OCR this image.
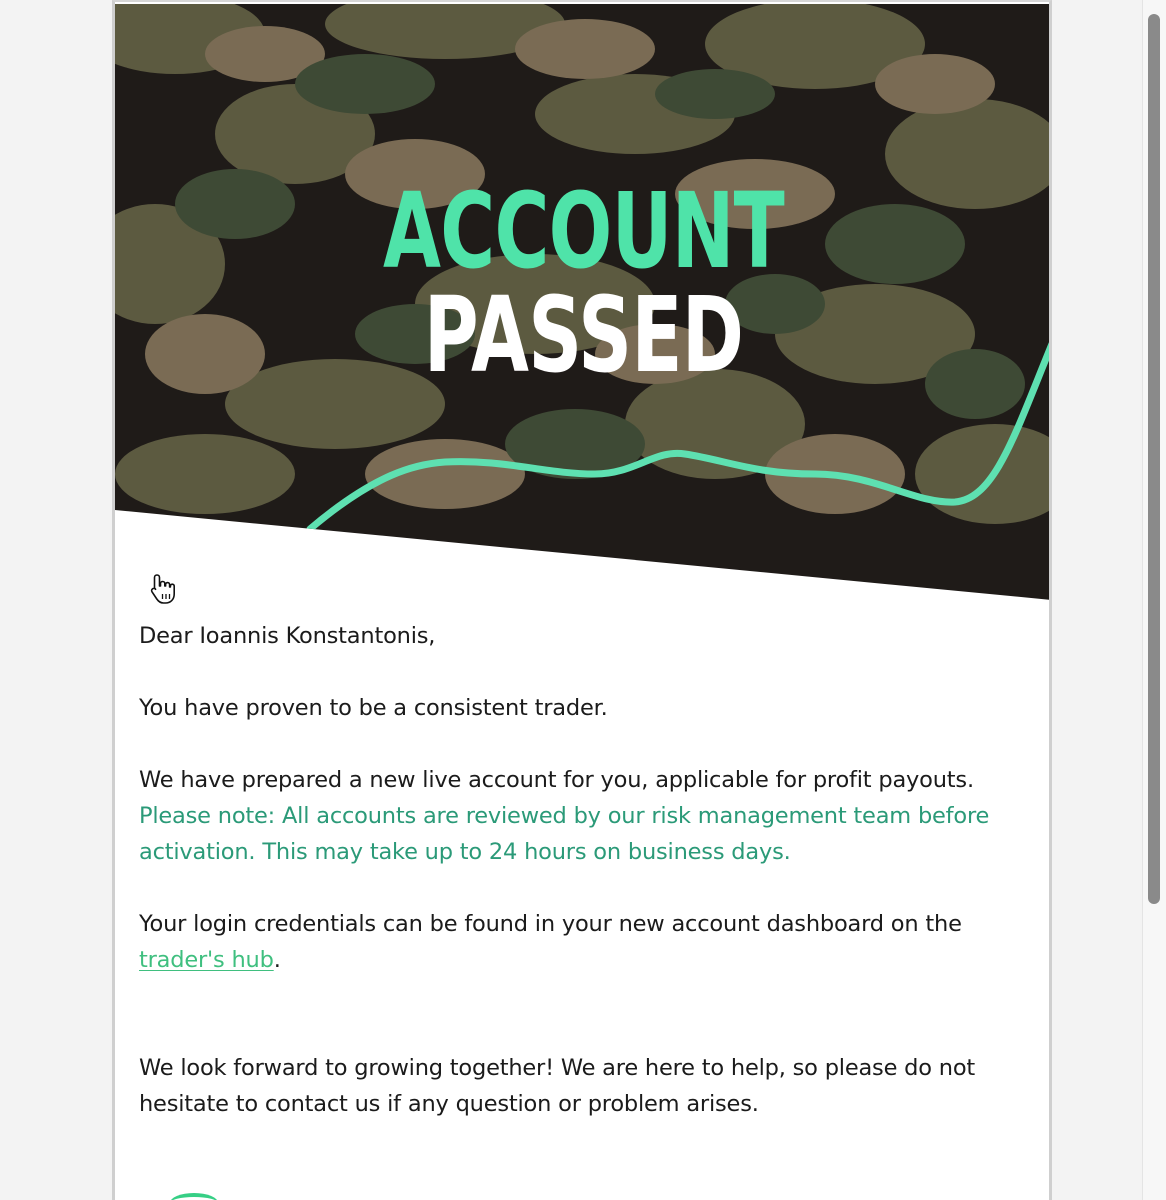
ACCOUNT PASSED

Dear Ioannis Konstantonis,

You have proven to be a consistent trader.

We have prepared a new live account for you, applicable for profit payouts.

Please note: All accounts are reviewed by our risk management team before activation. This may take up to 24 hours on business days.

Your login credentials can be found in your new account dashboard on the trader's hub.

We look forward to growing together! We are here to help, so please do not hesitate to contact us if any question or problem arises.
